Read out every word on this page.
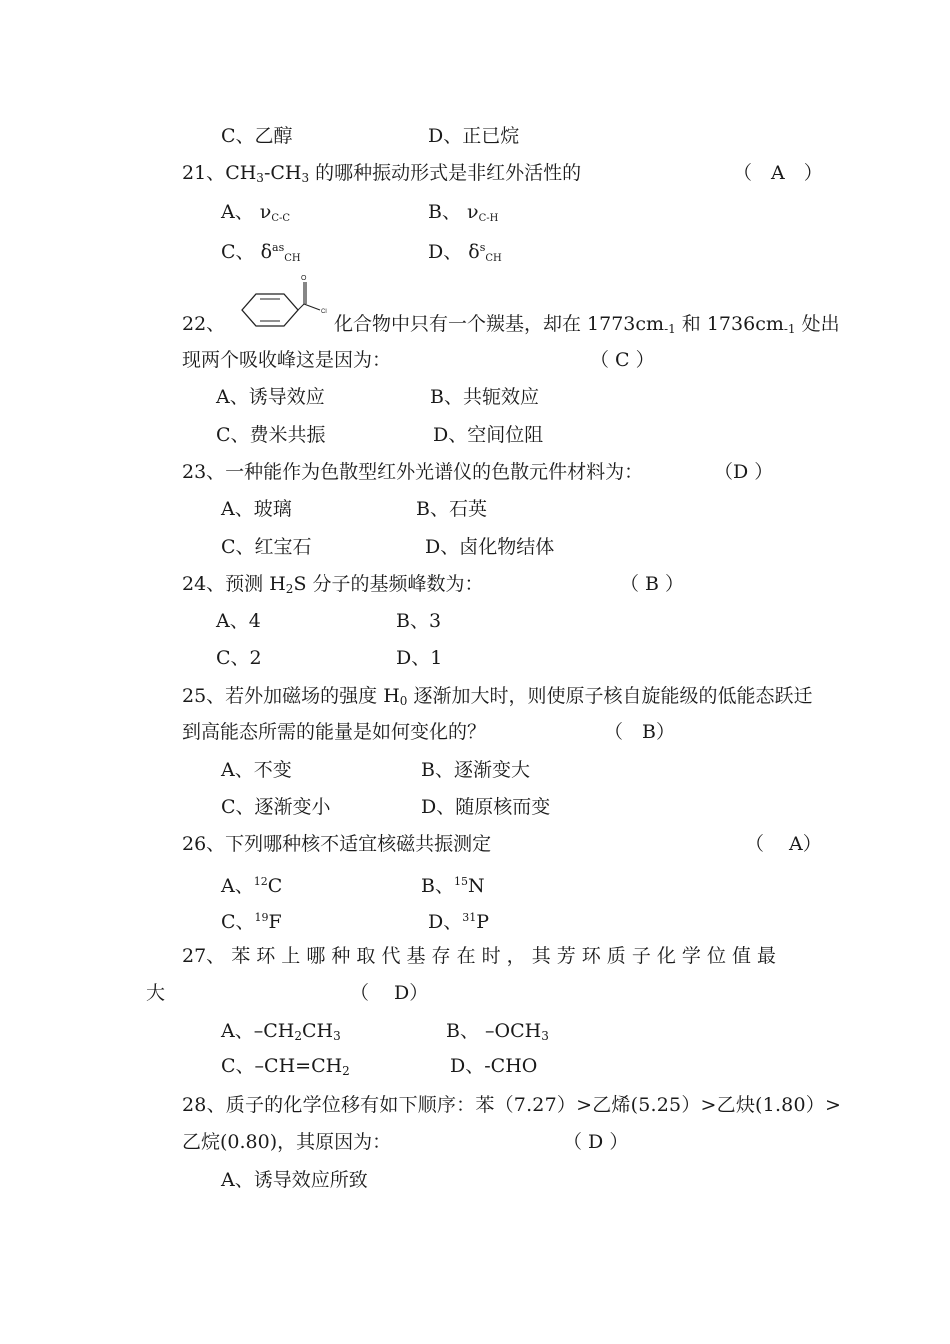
C、乙醇	D、正已烷
21、CH3-CH3 的哪种振动形式是非红外活性的	（　A　）
A、 νC-C	B、 νC-H
C、 $\delta^{as}CH$	D、 $\delta^sCH$
22、
O
Cl
化合物中只有一个羰基，却在 1773cm-1 和 1736cm-1 处出
现两个吸收峰这是因为：	（ C ）
A、诱导效应	B、共轭效应
C、费米共振	D、空间位阻
23、一种能作为色散型红外光谱仪的色散元件材料为：	（D ）
A、玻璃	B、石英
C、红宝石	D、卤化物结体
24、预测 H2S 分子的基频峰数为：	（ B ）
A、4	B、3
C、2	D、1
25、若外加磁场的强度 H0 逐渐加大时，则使原子核自旋能级的低能态跃迁
到高能态所需的能量是如何变化的？	（　B）
A、不变	B、逐渐变大
C、逐渐变小	D、随原核而变
26、下列哪种核不适宜核磁共振测定	（　 A）
A、$^{12}$C	B、$^{15}$N
C、$^{19}$F	D、$^{31}$P
27、 苯 环 上 哪 种 取 代 基 存 在 时 ， 其 芳 环 质 子 化 学 位 值 最
大	（　 D）
A、–CH2CH3	B、 –OCH3
C、–CH=CH2	D、-CHO
28、质子的化学位移有如下顺序：苯（7.27）>乙烯(5.25）>乙炔(1.80）>
乙烷(0.80)，其原因为：	（ D ）
A、诱导效应所致
